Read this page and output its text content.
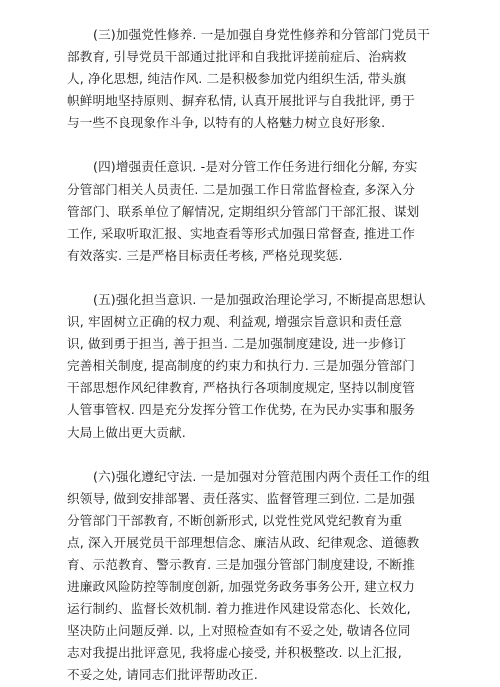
(三)加强党性修养. 一是加强自身党性修养和分管部门党员干
部教育, 引导党员干部通过批评和自我批评搓前症后、治病救
人, 净化思想, 纯洁作风. 二是积极参加党内组织生活, 带头旗
帜鲜明地坚持原则、摒弃私情, 认真开展批评与自我批评, 勇于
与一些不良现象作斗争, 以特有的人格魅力树立良好形象.

(四)增强责任意识. -是对分管工作任务进行细化分解, 夯实
分管部门相关人员责任. 二是加强工作日常监督检查, 多深入分
管部门、联系单位了解情况, 定期组织分管部门干部汇报、谋划
工作, 采取听取汇报、实地查看等形式加强日常督查, 推进工作
有效落实. 三是严格目标责任考核, 严格兑现奖惩.

(五)强化担当意识. 一是加强政治理论学习, 不断提高思想认
识, 牢固树立正确的权力观、利益观, 增强宗旨意识和责任意
识, 做到勇于担当, 善于担当. 二是加强制度建设, 进一步修订
完善相关制度, 提高制度的约束力和执行力. 三是加强分管部门
干部思想作风纪律教育, 严格执行各项制度规定, 坚持以制度管
人管事管权. 四是充分发挥分管工作优势, 在为民办实事和服务
大局上做出更大贡献.

(六)强化遵纪守法. 一是加强对分管范围内两个责任工作的组
织领导, 做到安排部署、责任落实、监督管理三到位. 二是加强
分管部门干部教育, 不断创新形式, 以党性党风党纪教育为重
点, 深入开展党员干部理想信念、廉洁从政、纪律观念、道德教
育、示范教育、警示教育. 三是加强分管部门制度建设, 不断推
进廉政风险防控等制度创新, 加强党务政务事务公开, 建立权力
运行制约、监督长效机制. 着力推进作风建设常态化、长效化,
坚决防止问题反弹. 以, 上对照检查如有不妥之处, 敬请各位同
志对我提出批评意见, 我将虚心接受, 并积极整改. 以上汇报,
不妥之处, 请同志们批评帮助改正.
